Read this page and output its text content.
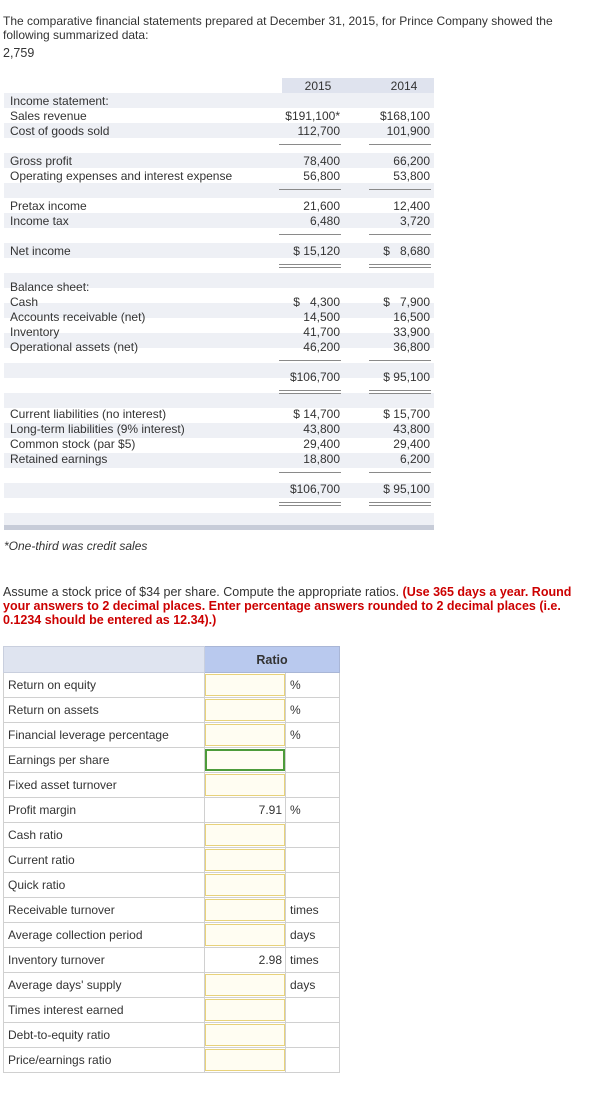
The comparative financial statements prepared at December 31, 2015, for Prince Company showed the following summarized data:
2,759
2015	2014
Income statement:
Sales revenue	$191,100*	$168,100
Cost of goods sold	112,700	101,900
Gross profit	78,400	66,200
Operating expenses and interest expense	56,800	53,800
Pretax income	21,600	12,400
Income tax	6,480	3,720
Net income	$ 15,120	$   8,680
Balance sheet:
Cash	$   4,300	$   7,900
Accounts receivable (net)	14,500	16,500
Inventory	41,700	33,900
Operational assets (net)	46,200	36,800
$106,700	$ 95,100
Current liabilities (no interest)	$ 14,700	$ 15,700
Long-term liabilities (9% interest)	43,800	43,800
Common stock (par $5)	29,400	29,400
Retained earnings	18,800	6,200
$106,700	$ 95,100
*One-third was credit sales
Assume a stock price of $34 per share. Compute the appropriate ratios. (Use 365 days a year. Round your answers to 2 decimal places. Enter percentage answers rounded to 2 decimal places (i.e. 0.1234 should be entered as 12.34).)
	Ratio	
Return on equity		%
Return on assets		%
Financial leverage percentage		%
Earnings per share	

Fixed asset turnover	

Profit margin	7.91	%
Cash ratio	

Current ratio	

Quick ratio	

Receivable turnover		times
Average collection period		days
Inventory turnover	2.98	times
Average days' supply		days
Times interest earned	

Debt-to-equity ratio	

Price/earnings ratio	
